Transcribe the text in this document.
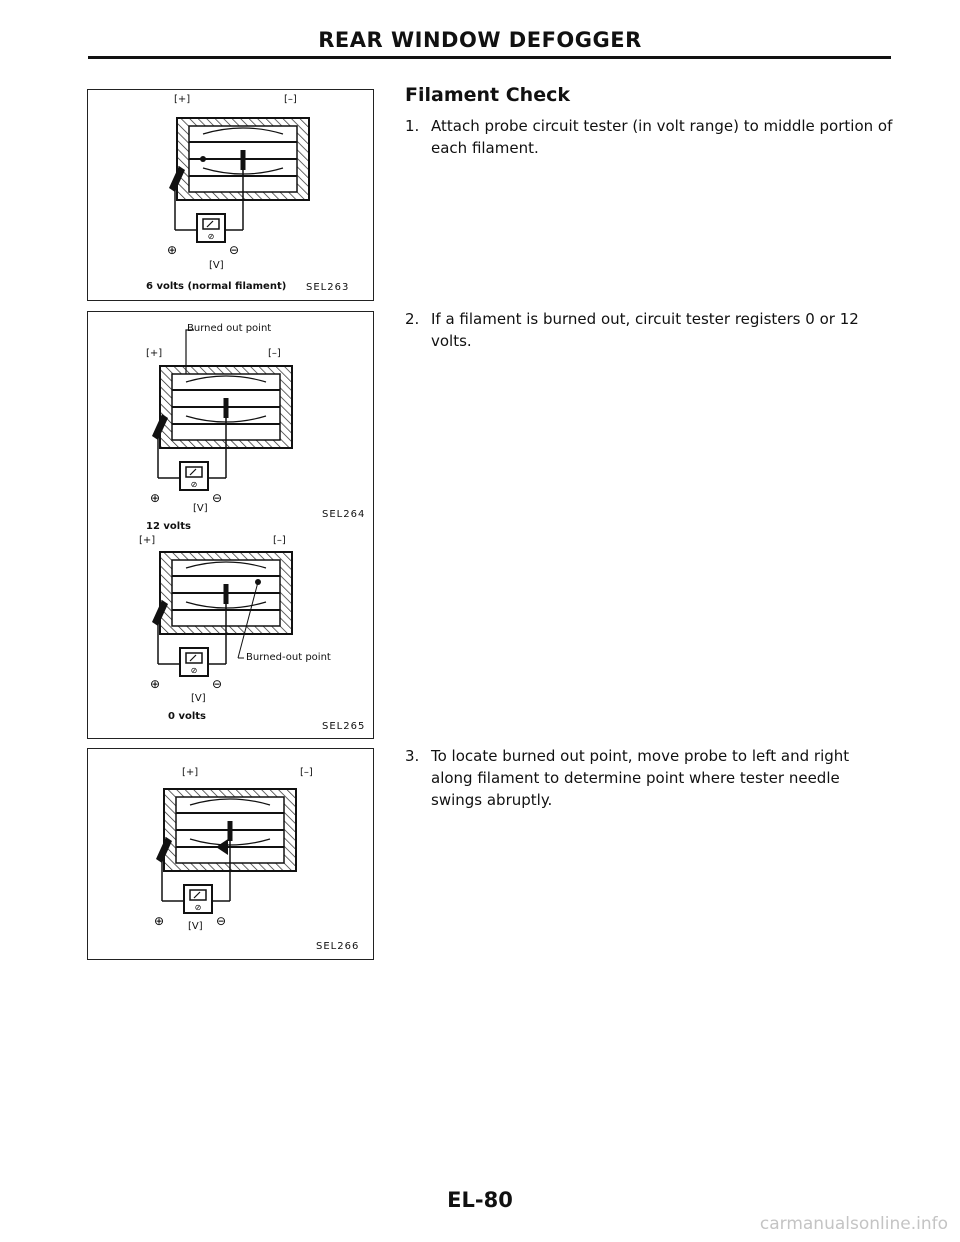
REAR WINDOW DEFOGGER
[+]	[–]
⊘
⊕	⊖
[V]
6 volts (normal filament) SEL263
Burned out point
[+]	[–]
⊘
⊕	⊖
[V]
12 volts
SEL264
[+]	[–]
⊘
⊕	⊖
Burned-out point
[V]
0 volts
SEL265
[+]	[–]
⊘
⊕	⊖
[V]
SEL266
Filament Check
1. Attach probe circuit tester (in volt range) to middle portion of each filament.
2. If a filament is burned out, circuit tester registers 0 or 12 volts.
3. To locate burned out point, move probe to left and right along filament to determine point where tester needle swings abruptly.
EL-80
carmanualsonline.info
